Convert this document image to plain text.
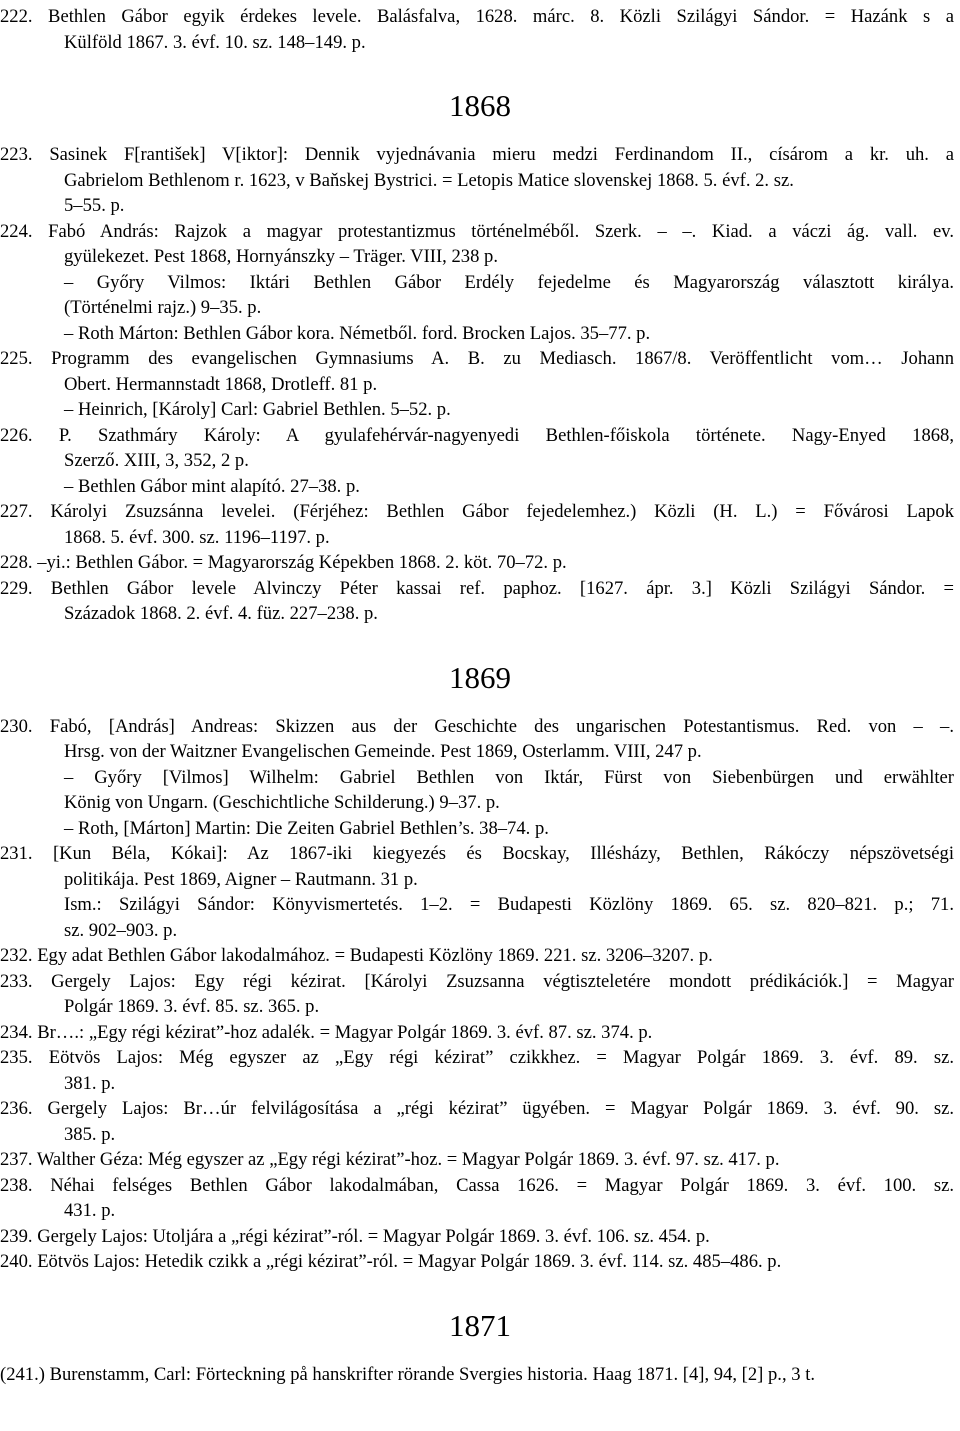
222. Bethlen Gábor egyik érdekes levele. Balásfalva, 1628. márc. 8. Közli Szilágyi Sándor. = Hazánk s a
Külföld 1867. 3. évf. 10. sz. 148–149. p.
1868
223. Sasinek F[rantišek] V[iktor]: Dennik vyjednávania mieru medzi Ferdinandom II., císárom a kr. uh. a
Gabrielom Bethlenom r. 1623, v Baňskej Bystrici. = Letopis Matice slovenskej 1868. 5. évf. 2. sz.
5–55. p.
224. Fabó András: Rajzok a magyar protestantizmus történelméből. Szerk. – –. Kiad. a váczi ág. vall. ev.
gyülekezet. Pest 1868, Hornyánszky – Träger. VIII, 238 p.
– Győry Vilmos: Iktári Bethlen Gábor Erdély fejedelme és Magyarország választott királya.
(Történelmi rajz.) 9–35. p.
– Roth Márton: Bethlen Gábor kora. Németből. ford. Brocken Lajos. 35–77. p.
225. Programm des evangelischen Gymnasiums A. B. zu Mediasch. 1867/8. Veröffentlicht vom… Johann
Obert. Hermannstadt 1868, Drotleff. 81 p.
– Heinrich, [Károly] Carl: Gabriel Bethlen. 5–52. p.
226. P. Szathmáry Károly: A gyulafehérvár-nagyenyedi Bethlen-főiskola története. Nagy-Enyed 1868,
Szerző. XIII, 3, 352, 2 p.
– Bethlen Gábor mint alapító. 27–38. p.
227. Károlyi Zsuzsánna levelei. (Férjéhez: Bethlen Gábor fejedelemhez.) Közli (H. L.) = Fővárosi Lapok
1868. 5. évf. 300. sz. 1196–1197. p.
228. –yi.: Bethlen Gábor. = Magyarország Képekben 1868. 2. köt. 70–72. p.
229. Bethlen Gábor levele Alvinczy Péter kassai ref. paphoz. [1627. ápr. 3.] Közli Szilágyi Sándor. =
Századok 1868. 2. évf. 4. füz. 227–238. p.
1869
230. Fabó, [András] Andreas: Skizzen aus der Geschichte des ungarischen Potestantismus. Red. von – –.
Hrsg. von der Waitzner Evangelischen Gemeinde. Pest 1869, Osterlamm. VIII, 247 p.
– Győry [Vilmos] Wilhelm: Gabriel Bethlen von Iktár, Fürst von Siebenbürgen und erwählter
König von Ungarn. (Geschichtliche Schilderung.) 9–37. p.
– Roth, [Márton] Martin: Die Zeiten Gabriel Bethlen’s. 38–74. p.
231. [Kun Béla, Kókai]: Az 1867-iki kiegyezés és Bocskay, Illésházy, Bethlen, Rákóczy népszövetségi
politikája. Pest 1869, Aigner – Rautmann. 31 p.
Ism.: Szilágyi Sándor: Könyvismertetés. 1–2. = Budapesti Közlöny 1869. 65. sz. 820–821. p.; 71.
sz. 902–903. p.
232. Egy adat Bethlen Gábor lakodalmához. = Budapesti Közlöny 1869. 221. sz. 3206–3207. p.
233. Gergely Lajos: Egy régi kézirat. [Károlyi Zsuzsanna végtiszteletére mondott prédikációk.] = Magyar
Polgár 1869. 3. évf. 85. sz. 365. p.
234. Br….: „Egy régi kézirat”-hoz adalék. = Magyar Polgár 1869. 3. évf. 87. sz. 374. p.
235. Eötvös Lajos: Még egyszer az „Egy régi kézirat” czikkhez. = Magyar Polgár 1869. 3. évf. 89. sz.
381. p.
236. Gergely Lajos: Br…úr felvilágosítása a „régi kézirat” ügyében. = Magyar Polgár 1869. 3. évf. 90. sz.
385. p.
237. Walther Géza: Még egyszer az „Egy régi kézirat”-hoz. = Magyar Polgár 1869. 3. évf. 97. sz. 417. p.
238. Néhai felséges Bethlen Gábor lakodalmában, Cassa 1626. = Magyar Polgár 1869. 3. évf. 100. sz.
431. p.
239. Gergely Lajos: Utoljára a „régi kézirat”-ról. = Magyar Polgár 1869. 3. évf. 106. sz. 454. p.
240. Eötvös Lajos: Hetedik czikk a „régi kézirat”-ról. = Magyar Polgár 1869. 3. évf. 114. sz. 485–486. p.
1871
(241.) Burenstamm, Carl: Förteckning på hanskrifter rörande Svergies historia. Haag 1871. [4], 94, [2] p., 3 t.
